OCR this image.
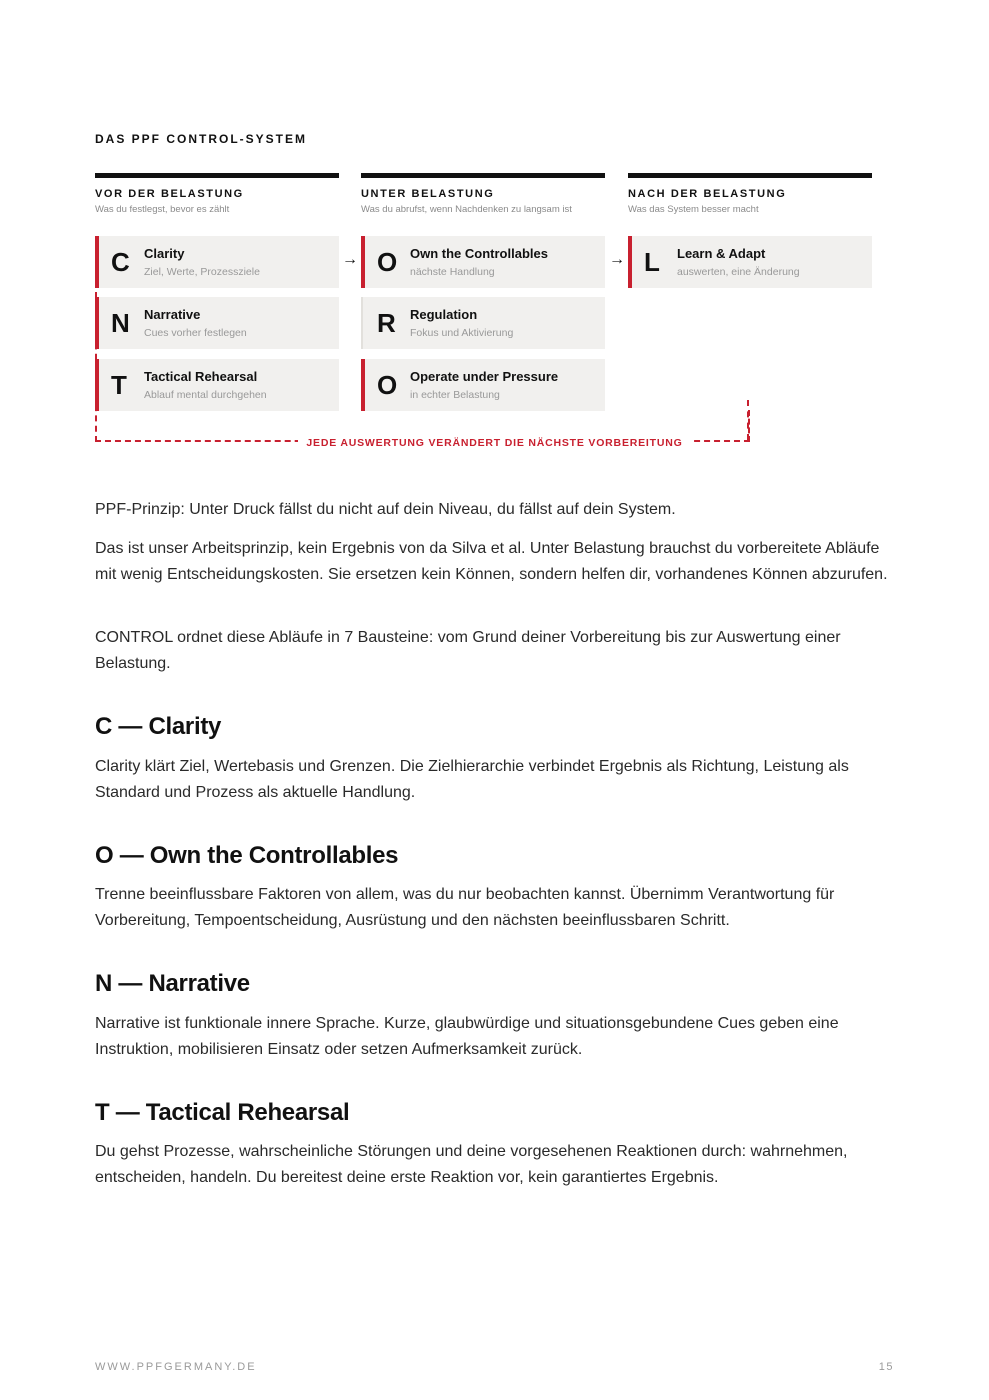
DAS PPF CONTROL-SYSTEM
VOR DER BELASTUNG
Was du festlegst, bevor es zählt
UNTER BELASTUNG
Was du abrufst, wenn Nachdenken zu langsam ist
NACH DER BELASTUNG
Was das System besser macht
JEDE AUSWERTUNG VERÄNDERT DIE NÄCHSTE VORBEREITUNG
C Clarity
Ziel, Werte, Prozessziele
N Narrative
Cues vorher festlegen
T Tactical Rehearsal
Ablauf mental durchgehen
O Own the Controllables
nächste Handlung
R Regulation
Fokus und Aktivierung
O Operate under Pressure
in echter Belastung
L Learn & Adapt
auswerten, eine Änderung
→	→

PPF-Prinzip: Unter Druck fällst du nicht auf dein Niveau, du fällst auf dein System.

Das ist unser Arbeitsprinzip, kein Ergebnis von da Silva et al. Unter Belastung brauchst du vorbereitete Abläufe mit wenig Entscheidungskosten. Sie ersetzen kein Können, sondern helfen dir, vorhandenes Können abzurufen.

CONTROL ordnet diese Abläufe in 7 Bausteine: vom Grund deiner Vorbereitung bis zur Auswertung einer Belastung.

C — Clarity

Clarity klärt Ziel, Wertebasis und Grenzen. Die Zielhierarchie verbindet Ergebnis als Richtung, Leistung als Standard und Prozess als aktuelle Handlung.

O — Own the Controllables

Trenne beeinflussbare Faktoren von allem, was du nur beobachten kannst. Übernimm Verantwortung für Vorbereitung, Tempoentscheidung, Ausrüstung und den nächsten beeinflussbaren Schritt.

N — Narrative

Narrative ist funktionale innere Sprache. Kurze, glaubwürdige und situationsgebundene Cues geben eine Instruktion, mobilisieren Einsatz oder setzen Aufmerksamkeit zurück.

T — Tactical Rehearsal

Du gehst Prozesse, wahrscheinliche Störungen und deine vorgesehenen Reaktionen durch: wahrnehmen, entscheiden, handeln. Du bereitest deine erste Reaktion vor, kein garantiertes Ergebnis.

WWW.PPFGERMANY.DE	15
